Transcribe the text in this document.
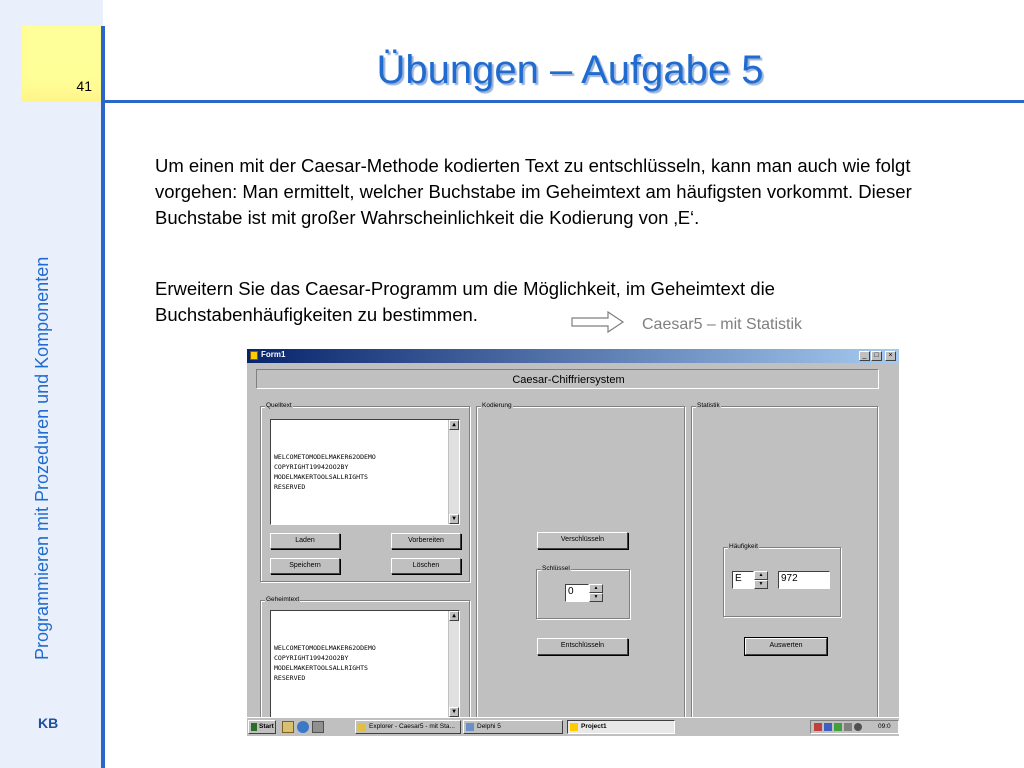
41
Programmieren mit Prozeduren und Komponenten
KB
Übungen – Aufgabe 5
Um einen mit der Caesar-Methode kodierten Text zu entschlüsseln, kann man auch wie folgt vorgehen: Man ermittelt, welcher Buchstabe im Geheimtext am häufigsten vorkommt. Dieser Buchstabe ist mit großer Wahrscheinlichkeit die Kodierung von ‚E‘.
Erweitern Sie das Caesar-Programm um die Möglichkeit, im Geheimtext die Buchstabenhäufigkeiten zu bestimmen.	Caesar5 – mit Statistik
Form1	_	□	×
Caesar-Chiffriersystem
Quelltext
WELCOMETOMODELMAKER62ODEMO
COPYRIGHT19942OO2BY
MODELMAKERTOOLSALLRIGHTS
RESERVED
▲
▼
Laden	Vorbereiten
Speichern	Löschen
Geheimtext
WELCOMETOMODELMAKER62ODEMO
COPYRIGHT19942OO2BY
MODELMAKERTOOLSALLRIGHTS
RESERVED
▲
▼
Kodierung
Verschlüsseln
Schlüssel
0	▲
▼
Entschlüsseln
Statistik
Häufigkeit
E	▲
▼	972
Auswerten
Start	Explorer - Caesar5 - mit Sta...	Delphi 5	Project1	09:0
